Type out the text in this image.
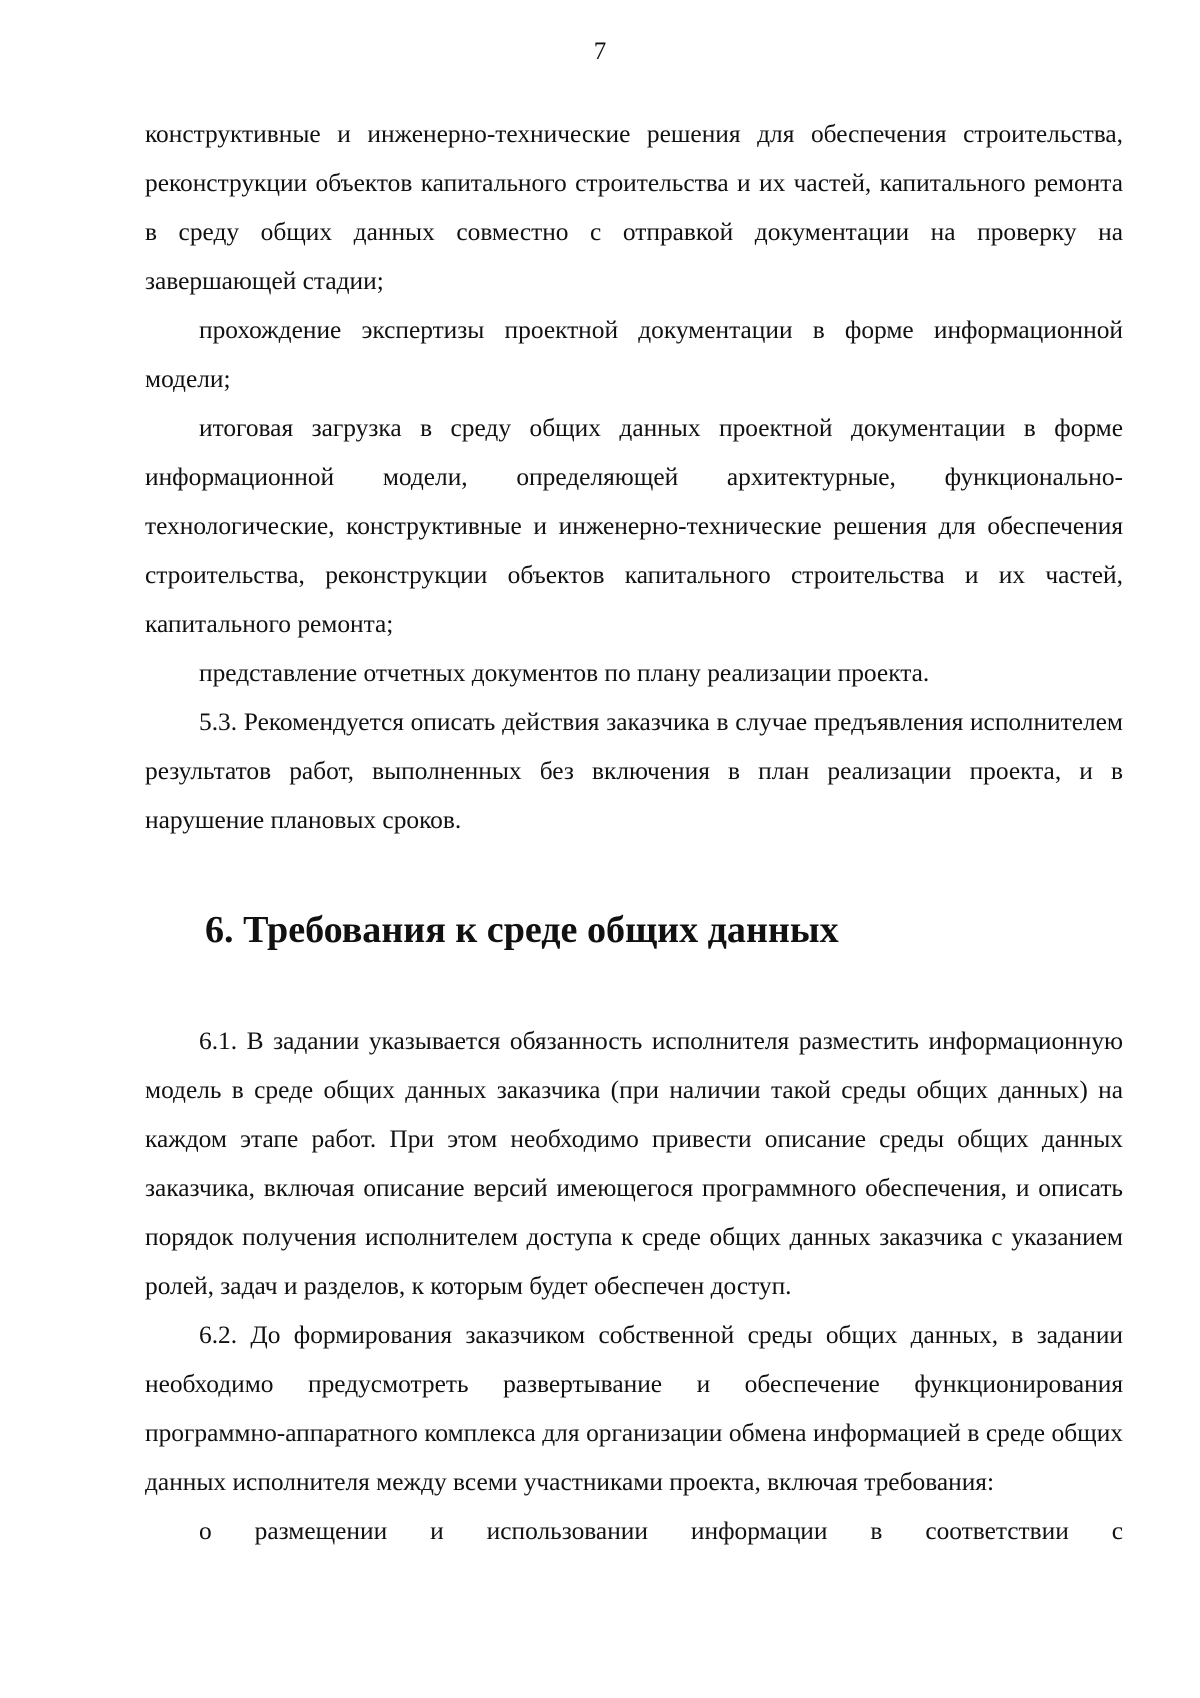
7

конструктивные и инженерно-технические решения для обеспечения строительства, реконструкции объектов капитального строительства и их частей, капитального ремонта в среду общих данных совместно с отправкой документации на проверку на завершающей стадии;

прохождение экспертизы проектной документации в форме информационной модели;

итоговая загрузка в среду общих данных проектной документации в форме информационной модели, определяющей архитектурные, функционально-технологические, конструктивные и инженерно-технические решения для обеспечения строительства, реконструкции объектов капитального строительства и их частей, капитального ремонта;

представление отчетных документов по плану реализации проекта.

5.3. Рекомендуется описать действия заказчика в случае предъявления исполнителем результатов работ, выполненных без включения в план реализации проекта, и в нарушение плановых сроков.

6. Требования к среде общих данных

6.1. В задании указывается обязанность исполнителя разместить информационную модель в среде общих данных заказчика (при наличии такой среды общих данных) на каждом этапе работ. При этом необходимо привести описание среды общих данных заказчика, включая описание версий имеющегося программного обеспечения, и описать порядок получения исполнителем доступа к среде общих данных заказчика с указанием ролей, задач и разделов, к которым будет обеспечен доступ.

6.2. До формирования заказчиком собственной среды общих данных, в задании необходимо предусмотреть развертывание и обеспечение функционирования программно-аппаратного комплекса для организации обмена информацией в среде общих данных исполнителя между всеми участниками проекта, включая требования:

о размещении и использовании информации в соответствии с
